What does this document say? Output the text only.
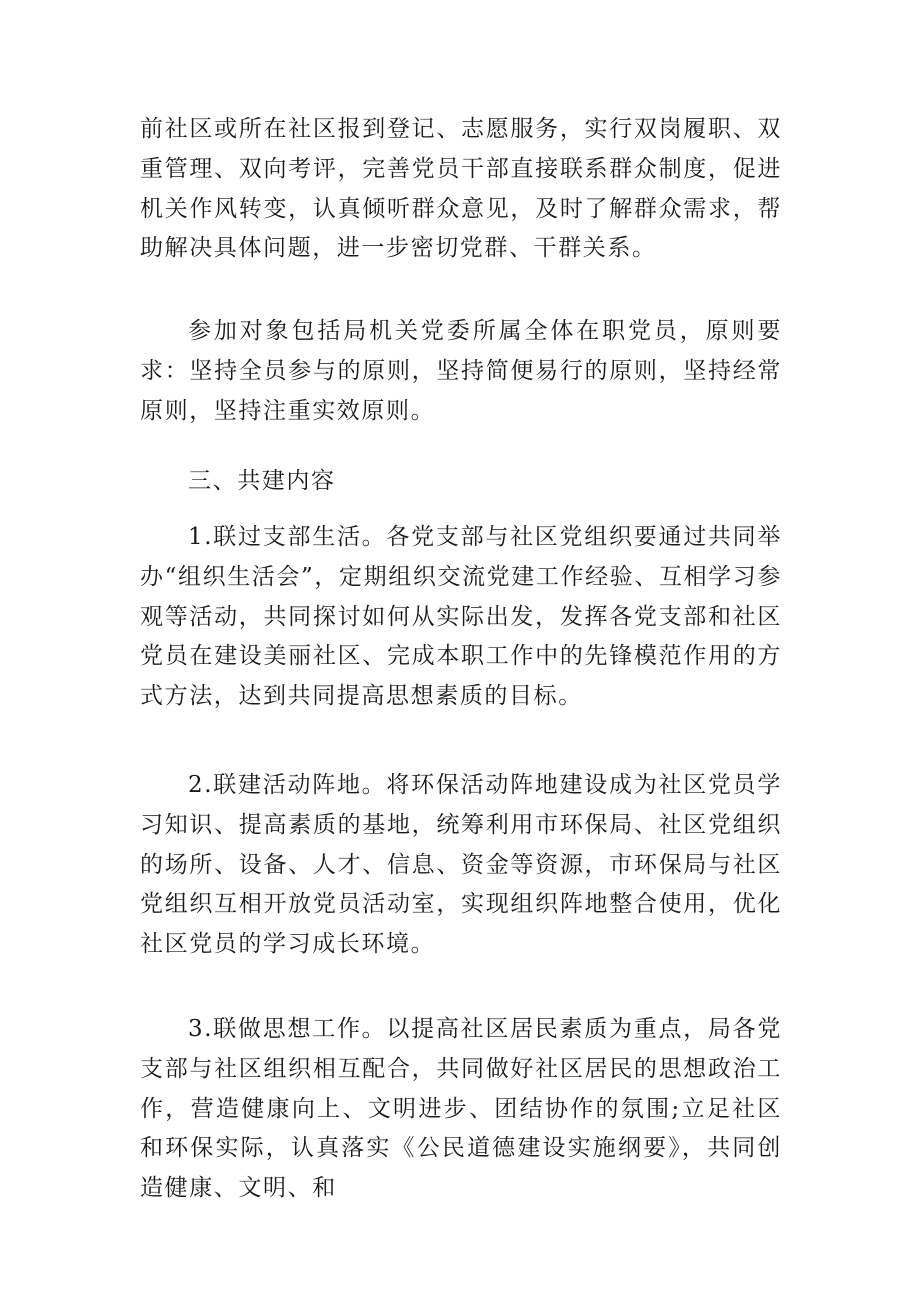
前社区或所在社区报到登记、志愿服务，实行双岗履职、双重管理、双向考评，完善党员干部直接联系群众制度，促进机关作风转变，认真倾听群众意见，及时了解群众需求，帮助解决具体问题，进一步密切党群、干群关系。

参加对象包括局机关党委所属全体在职党员，原则要求：坚持全员参与的原则，坚持简便易行的原则，坚持经常原则，坚持注重实效原则。

三、共建内容

1.联过支部生活。各党支部与社区党组织要通过共同举办“组织生活会”，定期组织交流党建工作经验、互相学习参观等活动，共同探讨如何从实际出发，发挥各党支部和社区党员在建设美丽社区、完成本职工作中的先锋模范作用的方式方法，达到共同提高思想素质的目标。

2.联建活动阵地。将环保活动阵地建设成为社区党员学习知识、提高素质的基地，统筹利用市环保局、社区党组织的场所、设备、人才、信息、资金等资源，市环保局与社区党组织互相开放党员活动室，实现组织阵地整合使用，优化社区党员的学习成长环境。

3.联做思想工作。以提高社区居民素质为重点，局各党支部与社区组织相互配合，共同做好社区居民的思想政治工作，营造健康向上、文明进步、团结协作的氛围;立足社区和环保实际，认真落实《公民道德建设实施纲要》，共同创造健康、文明、和
